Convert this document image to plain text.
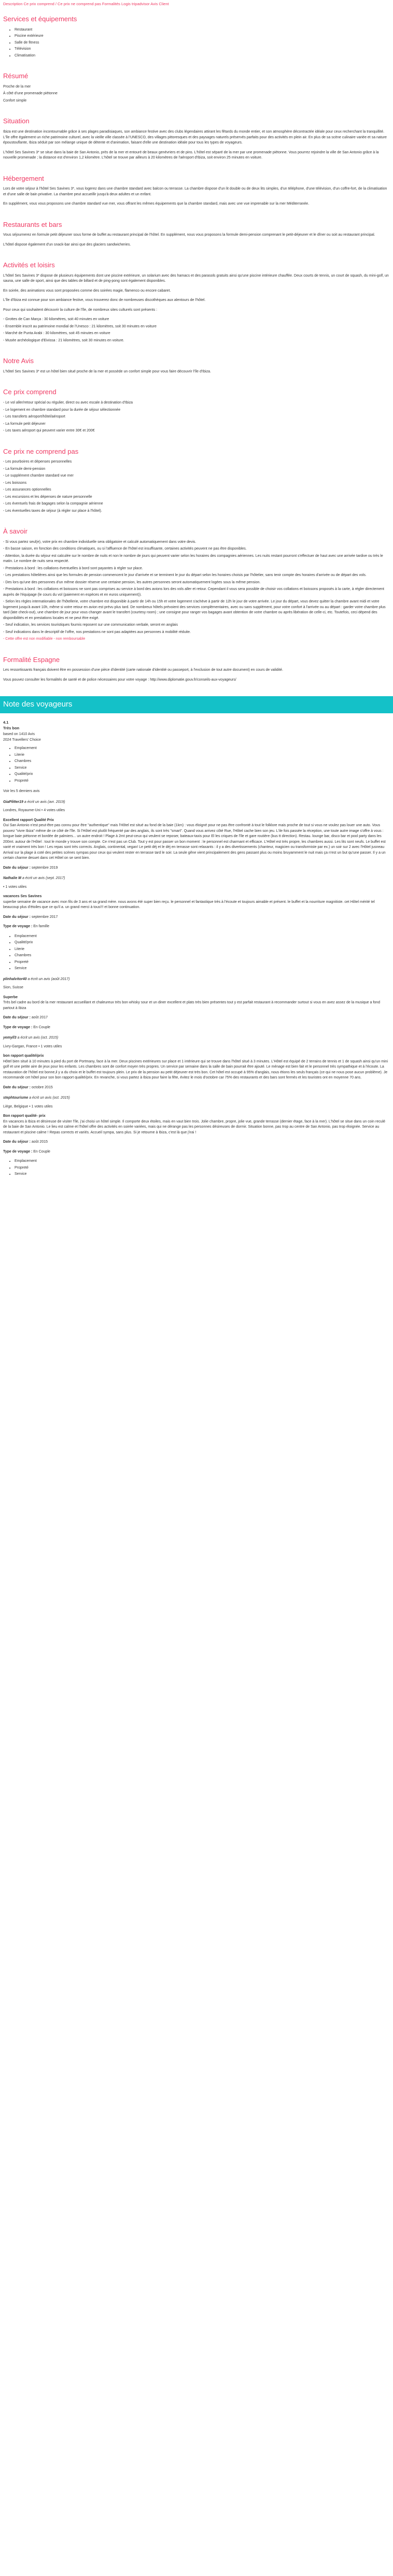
Description Ce prix comprend / Ce prix ne comprend pas Formalités Logis tripadvisor Avis Client

Services et équipements
• Restaurant
• Piscine extérieure
• Salle de fitness
• Télévision
• Climatisation
Résumé

Proche de la mer

À côté d'une promenade piétonne

Confort simple

Situation

Ibiza est une destination incontournable grâce à ses plages paradisiaques, son ambiance festive avec des clubs légendaires attirant les fêtards du monde entier, et son atmosphère décontractée idéale pour ceux recherchant la tranquillité. L'île offre également un riche patrimoine culturel, avec la vieille ville classée à l'UNESCO, des villages pittoresques et des paysages naturels préservés parfaits pour des activités en plein air. En plus de sa scène culinaire variée et sa nature époustouflante, Ibiza séduit par son mélange unique de détente et d'animation, faisant d'elle une destination idéale pour tous les types de voyageurs.

L'hôtel Ses Savines 3* se situe dans la baie de San Antonio, près de la mer et entouré de beaux genévriers et de pins. L'hôtel est séparé de la mer par une promenade piétonne. Vous pourrez rejoindre la ville de San Antonio grâce à la nouvelle promenade ; la distance est d'environ 1,2 kilomètre. L'hôtel se trouve par ailleurs à 20 kilomètres de l'aéroport d'Ibiza, soit environ 25 minutes en voiture.

Hébergement

Lors de votre séjour à l'hôtel Ses Savines 3*, vous logerez dans une chambre standard avec balcon ou terrasse. La chambre dispose d'un lit double ou de deux lits simples, d'un téléphone, d'une télévision, d'un coffre-fort, de la climatisation et d'une salle de bain privative. La chambre peut accueillir jusqu'à deux adultes et un enfant.

En supplément, vous vous proposons une chambre standard vue mer, vous offrant les mêmes équipements que la chambre standard, mais avec une vue imprenable sur la mer Méditerranée.

Restaurants et bars

Vous séjournerez en formule petit déjeuner sous forme de buffet au restaurant principal de l'hôtel. En supplément, nous vous proposons la formule demi-pension comprenant le petit-déjeuner et le dîner ou soit au restaurant principal.

L'hôtel dispose également d'un snack-bar ainsi que des glaciers sandwicheries.

Activités et loisirs

L'hôtel Ses Savines 3* dispose de plusieurs équipements dont une piscine extérieure, un solarium avec des hamacs et des parasols gratuits ainsi qu'une piscine intérieure chauffée. Deux courts de tennis, un court de squash, du mini-golf, un sauna, une salle de sport, ainsi que des tables de billard et de ping-pong sont également disponibles.

En soirée, des animations vous sont proposées comme des soirées magie, flamenco ou encore cabaret.

L'île d'Ibiza est connue pour son ambiance festive, vous trouverez donc de nombreuses discothèques aux alentours de l'hôtel.

Pour ceux qui souhaitent découvrir la culture de l'île, de nombreux sites culturels sont présents :

- Grottes de Can Marça : 30 kilomètres, soit 40 minutes en voiture

- Ensemble inscrit au patrimoine mondial de l'Unesco : 21 kilomètres, soit 30 minutes en voiture

- Marché de Punta Arabi : 30 kilomètres, soit 45 minutes en voiture

- Musée archéologique d'Eivissa : 21 kilomètres, soit 30 minutes en voiture.

Notre Avis

L'hôtel Ses Savines 3* est un hôtel bien situé proche de la mer et possède un confort simple pour vous faire découvrir l'île d'Ibiza.

Ce prix comprend

- Le vol aller/retour spécial ou régulier, direct ou avec escale à destination d'Ibiza

- Le logement en chambre standard pour la durée de séjour sélectionnée

- Les transferts aéroport/hôtel/aéroport

- La formule petit déjeuner

- Les taxes aéroport qui peuvent varier entre 30€ et 200€

Ce prix ne comprend pas

- Les pourboires et dépenses personnelles

- La formule demi-pension

- Le supplément chambre standard vue mer

- Les boissons

- Les assurances optionnelles

- Les excursions et les dépenses de nature personnelle

- Les éventuels frais de bagages selon la compagnie aérienne

- Les éventuelles taxes de séjour (à régler sur place à l'hôtel).

À savoir

- Si vous partez seul(e), votre prix en chambre individuelle sera obligatoire et calculé automatiquement dans votre devis.

- En basse saison, en fonction des conditions climatiques, ou si l'affluence de l'hôtel est insuffisante, certaines activités peuvent ne pas être disponibles.

- Attention, la durée du séjour est calculée sur le nombre de nuits et non le nombre de jours qui peuvent varier selon les horaires des compagnies aériennes. Les nuits restant pourront s'effectuer de haut avec une arrivée tardive ou très le matin. Le nombre de nuits sera respecté.

- Prestations à bord : les collations éventuelles à bord sont payantes à régler sur place.

- Les prestations hôtelières ainsi que les formules de pension commencent le jour d'arrivée et se terminent le jour du départ selon les horaires choisis par l'hôtelier, sans tenir compte des horaires d'arrivée ou de départ des vols.

- Des lors qu'une des personnes d'un même dossier réserve une certaine pension, les autres personnes seront automatiquement logées sous la même pension.

- Prestations à bord : les collations et boissons ne sont pas comprises au service à bord des avions lors des vols aller et retour. Cependant il vous sera possible de choisir vos collations et boissons proposés à la carte, à régler directement auprès de l'équipage (le cours du vol (paiement en espèces et en euros uniquement)).

- Selon les règles internationales de l'hôtellerie, votre chambre est disponible à partir de 14h ou 15h et votre logement s'achève à partir de 12h le jour de votre arrivée. Le jour du départ, vous devez quitter la chambre avant midi et votre logement jusqu'à avant 10h, même si votre retour en avion est prévu plus tard. De nombreux hôtels prévoient des services complémentaires, avec ou sans supplément, pour votre confort à l'arrivée ou au départ : garder votre chambre plus tard (late check-out), une chambre de jour pour vous changer avant le transfert (courtesy room) ; une consigne pour ranger vos bagages avant obtention de votre chambre ou après libération de celle-ci, etc. Toutefois, ceci dépend des disponibilités et en prestations locales et ne peut être exigé.

- Seuf indication, les services touristiques fournis reposent sur une communication verbale, seront en anglais

- Seuf indications dans le descriptif de l'offre, nos prestations ne sont pas adaptées aux personnes à mobilité réduite.

- Cette offre est non modifiable - non remboursable

Formalité Espagne

Les ressortissants français doivent être en possession d'une pièce d'identité (carte nationale d'identité ou passeport, à l'exclusion de tout autre document) en cours de validité.

Vous pouvez consulter les formalités de santé et de police nécessaires pour votre voyage : http://www.diplomatie.gouv.fr/conseils-aux-voyageurs/

Note des voyageurs

4.1

Très bon

based on 1410 Avis

2024 Travellers' Choice

• Emplacement
• Literie
• Chambres
• Service
• Qualité/prix
• Propreté

Voir les 5 derniers avis

GiaPlitter19 a écrit un avis (avr. 2019)

Londres, Royaume-Uni • 4 votes utiles

Excellent rapport Qualité Prix

Oui San Antonio n'est peut-être pas connu pour être "authentique" mais l'Hôtel est situé au fond de la baie (1km) : vous éloigné pour ne pas être confronté à tout le folklore mais proche de tout si vous ne voulez pas louer une auto. Vous pouvez "vivre Ibiza" même de ce côté de l'île. Si l'Hôtel est plutôt fréquenté par des anglais, ils sont très "smart". Quand vous arrivez côté Rue, l'Hôtel cache bien son jeu. L'ile fois passée la réception, une toute autre image s'offre à vous : longue baie piétonne et bordée de palmiers... un autre endroit ! Plage à 2mt peut-ceux qui veulent se reposer, bateaux-taxis pour El les criques de l'île et gare routière (bus tt direction). Restau. lounge bar, disco bar et pool party dans les 200mt. autour de l'Hôtel : tout le monde y trouve son compte. Ce n'est pas un Club. Tout y est pour passer un bon moment : le personnel est charmant et efficace. L'Hôtel est très propre, les chambres aussi. Les lits sont neufs. Le buffet est varié et vraiment très bon ! Les repas sont très corrects. Anglais, continental, vegan! Le petit déj et le déj en terrasse sont relaxants : il y a des divertissements (chanteur, magicien ou transformiste par ex.) un soir sur 2 avec l'Hôtel jusneau Arrival sur la plage à coté des petites scènes sympas pour ceux qui veulent rester en terrasse tard le soir. La seule gêne vient principalement des gens passant plus ou moins bruyamment le nuit mais ça n'est un but qu'une passer. Il y a un certain charme desuet dans cet Hôtel on se sent bien.

Date du séjour : septembre 2019

Nathalie M a écrit un avis (sept. 2017)

• 1 votes utiles

vacances Ses Savines

superbe semaine de vacance avec mon fils de 3 ans et sa grand mère. nous avons été super bien reçu. le personnel et fantastique très à l'écoute et toujours aimable et présent. le buffet et la nourriture magnitiste. cet Hôtel mérité tel beaucoup plus d'étoiles que ce qu'il a. un grand merci à tous!!! et bonne continuation.

Date du séjour : septembre 2017

Type de voyage : En famille

• Emplacement
• Qualité/prix
• Literie
• Chambres
• Propreté
• Service

plinhalvitor40 a écrit un avis (août 2017)

Sion, Suisse

Superbe

Très bel cadre au bord de la mer restaurant accueillant et chaleureux très bon whisky sour et un diner excellent et plats très bien présentes tout y est parfait restaurant à recommander surtout si vous en avez assez de la musique a fond partout à Ibiza

Date du séjour : août 2017

Type de voyage : En Couple

yemyll3 a écrit un avis (oct. 2015)

Livry-Gargan, France • 1 votes utiles

bon rapport qualité/prix

Hôtel bien situé à 10 minutes à pied du port de Portmany, face à la mer. Deux piscines extérieures sur place et 1 intérieure qui se trouve dans l'hôtel situé à 3 minutes. L'Hôtel est équipé de 2 terrains de tennis et 1 de squash ainsi qu'un mini golf et une petite aire de jeux pour les enfants. Les chambres sont de confort moyen très propres. Un service par semaine dans la salle de bain pourrait être ajouté. Le ménage est bien fait et le personnel très sympathique et à l'écoute. La restauration de l'hôtel est bonne,il y a du choix et le buffet est toujours plein. Le prix de la pension au petit déjeuner est très bon. Cet hôtel est occupé à 95% d'anglais, nous étions les seuls français (ce qui ne nous pose aucun problème). Je recommande cet hôtel pour son bon rapport qualité/prix. En revanche, si vous partez à Ibiza pour faire la fête, évitez le mois d'octobre car 75% des restaurants et des bars sont fermés et les touristes ont en moyenne 70 ans.

Date du séjour : octobre 2015

stephtourisme a écrit un avis (oct. 2015)

Liège, Belgique • 1 votes utiles

Bon rapport qualité- prix

En vacances à Ibiza et désireuse de visiter l'île, j'ai choisi un hôtel simple. Il comporte deux étoiles, mais en vaut bien trois. Jolie chambre, propre, jolie vue, grande terrasse (dernier étage, face à la mer). L'hôtel se situe dans un coin reculé de la baie de San Antonio. Le lieu est calme et l'hôtel offre des activités en soirée variées, mais qui ne dérange pas les personnes désireuses de dormir. Situation bonne, pas trop au centre de San Antonio, pas trop éloignée. Service au restaurant et piscine calme ! Repas corrects et variés. Accueil sympa, sans plus. Si je retourne à Ibiza, c'est là que j'irai !

Date du séjour : août 2015

Type de voyage : En Couple

• Emplacement
• Propreté
• Service
